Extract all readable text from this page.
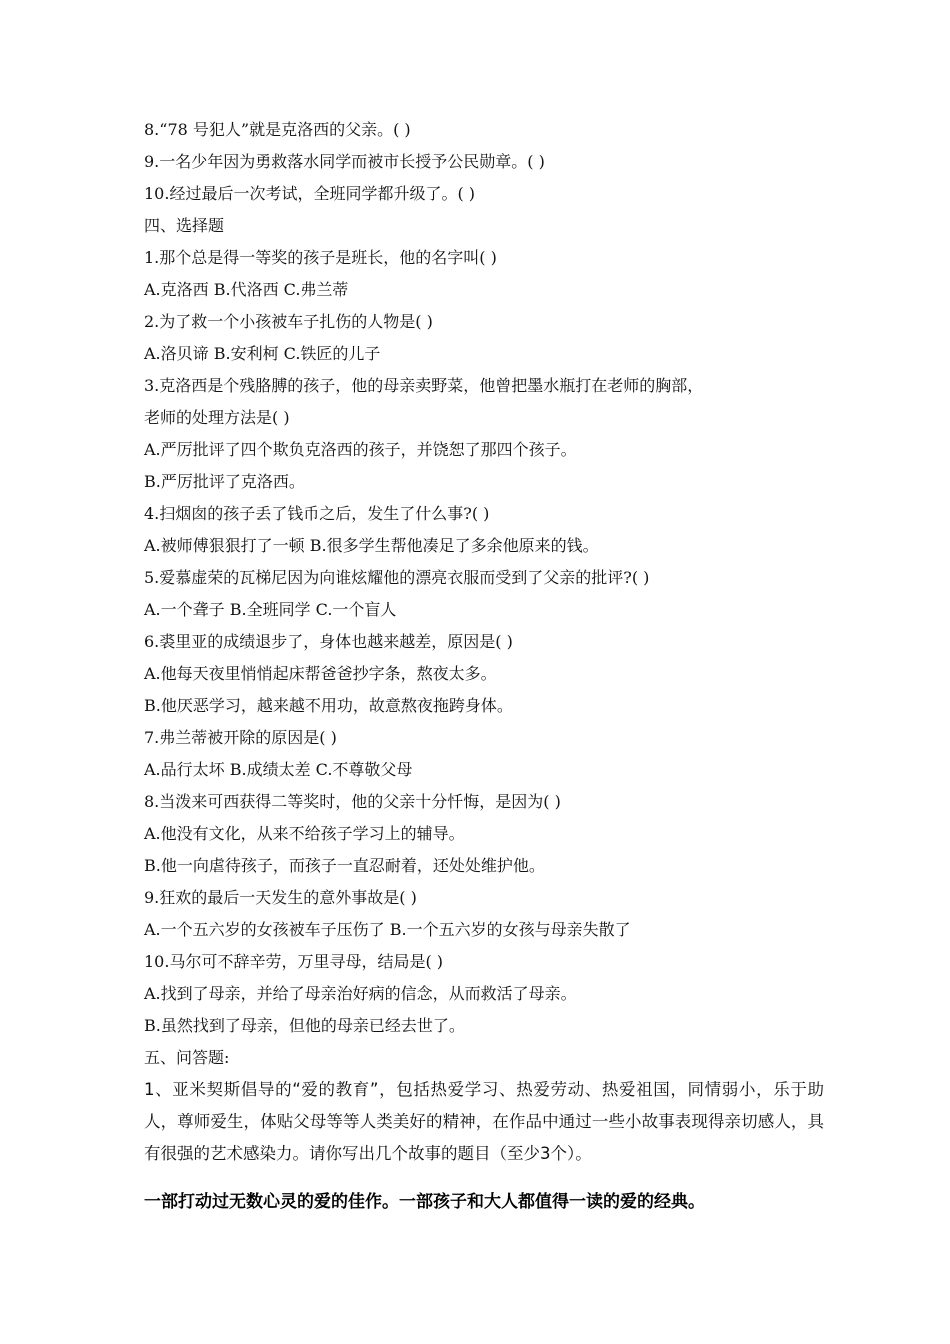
8.“78 号犯人”就是克洛西的父亲。( )

9.一名少年因为勇救落水同学而被市长授予公民勋章。( )

10.经过最后一次考试，全班同学都升级了。( )

四、选择题

1.那个总是得一等奖的孩子是班长，他的名字叫( )

A.克洛西 B.代洛西 C.弗兰蒂

2.为了救一个小孩被车子扎伤的人物是( )

A.洛贝谛 B.安利柯 C.铁匠的儿子

3.克洛西是个残胳膊的孩子，他的母亲卖野菜，他曾把墨水瓶打在老师的胸部，

老师的处理方法是( )

A.严厉批评了四个欺负克洛西的孩子，并饶恕了那四个孩子。

B.严厉批评了克洛西。

4.扫烟囱的孩子丢了钱币之后，发生了什么事?( )

A.被师傅狠狠打了一顿 B.很多学生帮他凑足了多余他原来的钱。

5.爱慕虚荣的瓦梯尼因为向谁炫耀他的漂亮衣服而受到了父亲的批评?( )

A.一个聋子 B.全班同学 C.一个盲人

6.裘里亚的成绩退步了，身体也越来越差，原因是( )

A.他每天夜里悄悄起床帮爸爸抄字条，熬夜太多。

B.他厌恶学习，越来越不用功，故意熬夜拖跨身体。

7.弗兰蒂被开除的原因是( )

A.品行太坏 B.成绩太差 C.不尊敬父母

8.当泼来可西获得二等奖时，他的父亲十分忏悔，是因为( )

A.他没有文化，从来不给孩子学习上的辅导。

B.他一向虐待孩子，而孩子一直忍耐着，还处处维护他。

9.狂欢的最后一天发生的意外事故是( )

A.一个五六岁的女孩被车子压伤了 B.一个五六岁的女孩与母亲失散了

10.马尔可不辞辛劳，万里寻母，结局是( )

A.找到了母亲，并给了母亲治好病的信念，从而救活了母亲。

B.虽然找到了母亲，但他的母亲已经去世了。

五、问答题:

1、亚米契斯倡导的“爱的教育”，包括热爱学习、热爱劳动、热爱祖国，同情弱小，乐于助人，尊师爱生，体贴父母等等人类美好的精神，在作品中通过一些小故事表现得亲切感人，具有很强的艺术感染力。请你写出几个故事的题目（至少3个）。

一部打动过无数心灵的爱的佳作。一部孩子和大人都值得一读的爱的经典。
